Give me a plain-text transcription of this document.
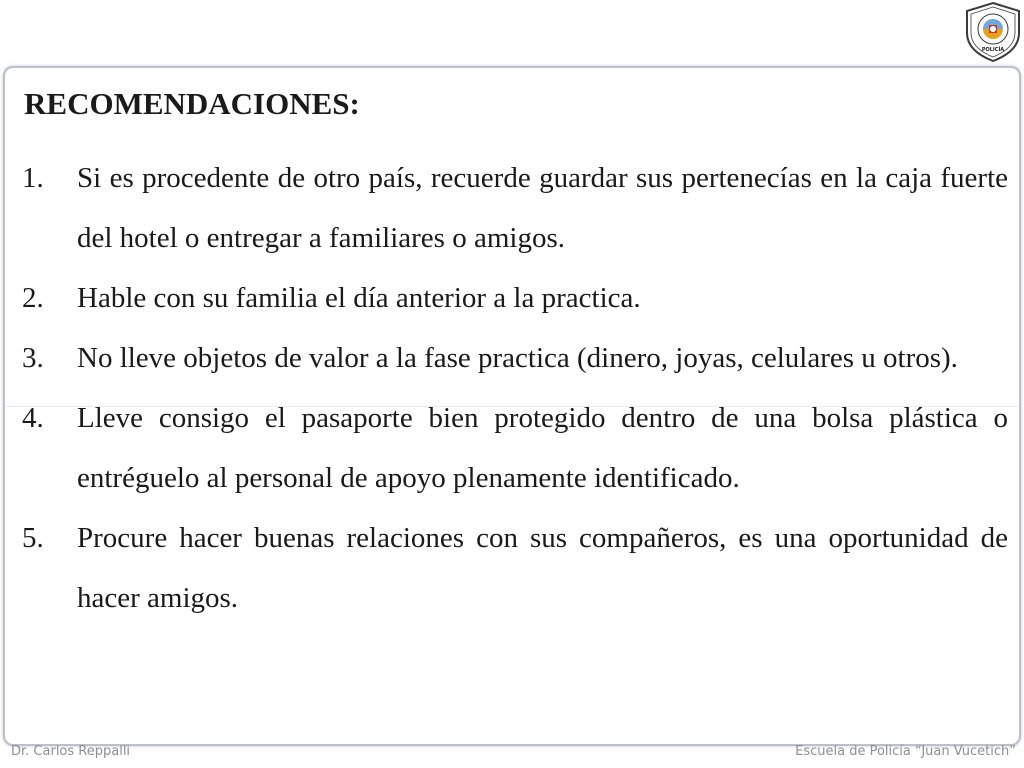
POLICÍA
RECOMENDACIONES:
1.	Si es procedente de otro país, recuerde guardar sus pertenecías en la caja fuerte del hotel o entregar a familiares o amigos.
2.	Hable con su familia el día anterior a la practica.
3.	No lleve objetos de valor a la fase practica (dinero, joyas, celulares u otros).
4.	Lleve consigo el pasaporte bien protegido dentro de una bolsa plástica o entréguelo al personal de apoyo plenamente identificado.
5.	Procure hacer buenas relaciones con sus compañeros, es una oportunidad de hacer amigos.
Dr. Carlos Reppalli	Escuela de Policía “Juan Vucetich”
